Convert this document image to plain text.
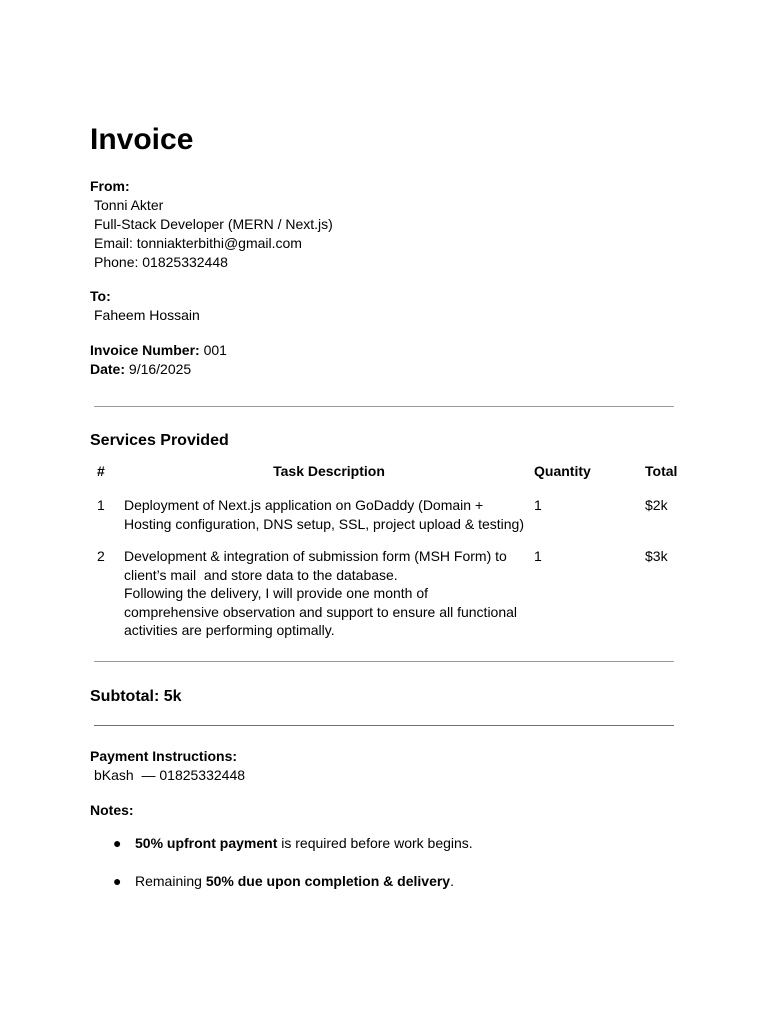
Invoice
From:
Tonni Akter
Full-Stack Developer (MERN / Next.js)
Email: tonniakterbithi@gmail.com
Phone: 01825332448
To:
Faheem Hossain
Invoice Number: 001
Date: 9/16/2025
Services Provided
#	Task Description	Quantity	Total
1	Deployment of Next.js application on GoDaddy (Domain +
Hosting configuration, DNS setup, SSL, project upload & testing)	1	$2k
2	Development & integration of submission form (MSH Form) to
client’s mail  and store data to the database.
Following the delivery, I will provide one month of
comprehensive observation and support to ensure all functional
activities are performing optimally.	1	$3k
Subtotal: 5k
Payment Instructions:
bKash  — 01825332448
Notes:
● 50% upfront payment is required before work begins.
● Remaining 50% due upon completion & delivery.
